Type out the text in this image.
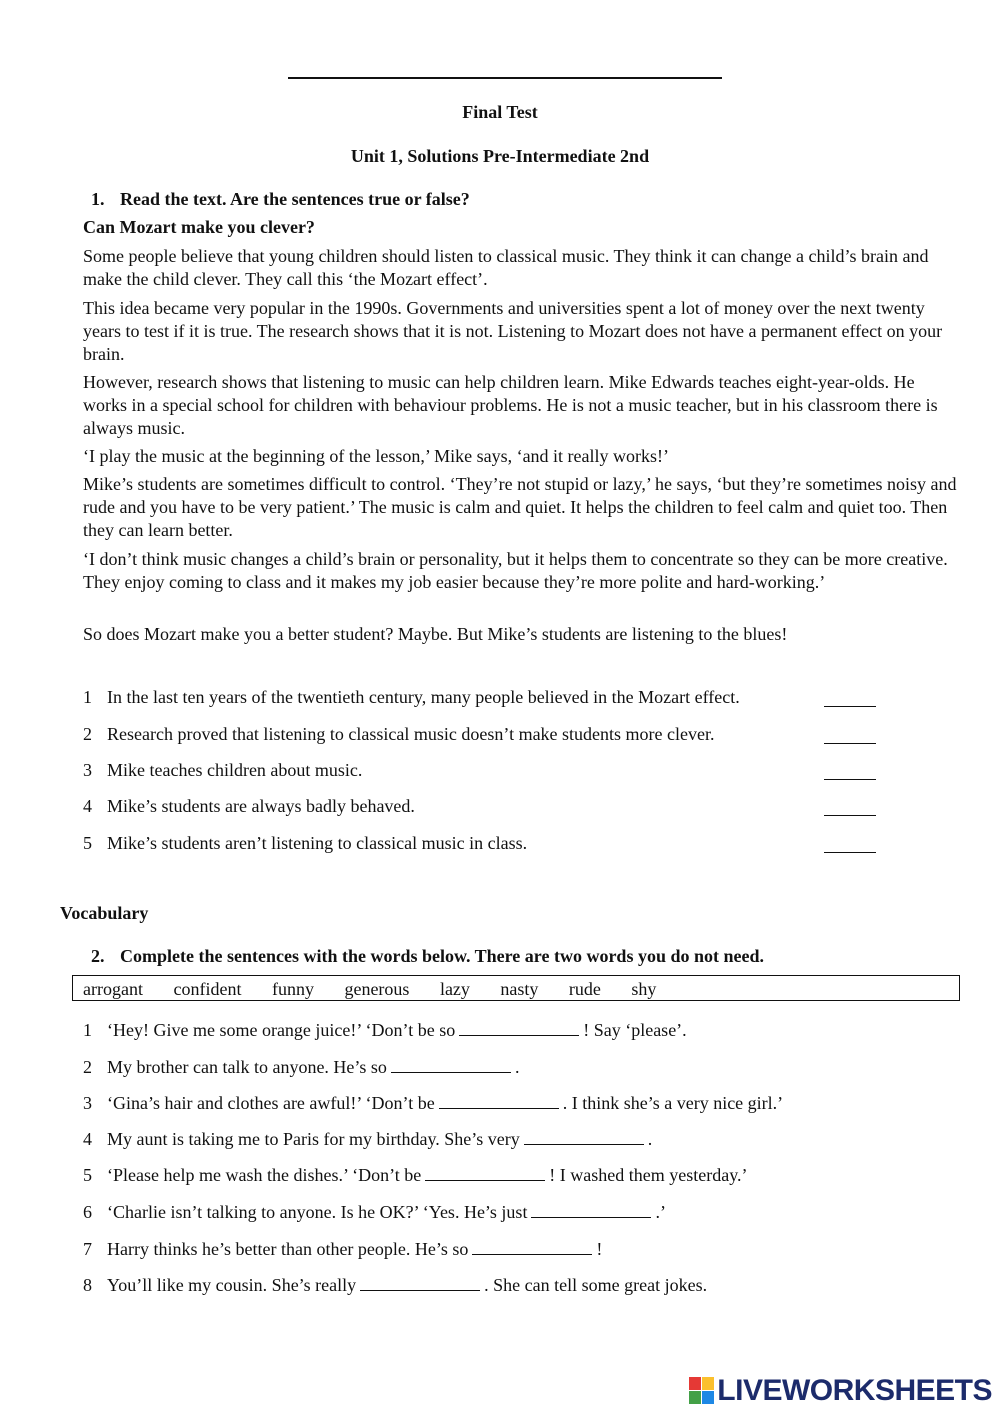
Final Test
Unit 1, Solutions Pre-Intermediate 2nd
1. Read the text. Are the sentences true or false?
Can Mozart make you clever?
Some people believe that young children should listen to classical music. They think it can change a child’s brain and make the child clever. They call this ‘the Mozart effect’.
This idea became very popular in the 1990s. Governments and universities spent a lot of money over the next twenty years to test if it is true. The research shows that it is not. Listening to Mozart does not have a permanent effect on your brain.
However, research shows that listening to music can help children learn. Mike Edwards teaches eight-year-olds. He works in a special school for children with behaviour problems. He is not a music teacher, but in his classroom there is always music.
‘I play the music at the beginning of the lesson,’ Mike says, ‘and it really works!’
Mike’s students are sometimes difficult to control. ‘They’re not stupid or lazy,’ he says, ‘but they’re sometimes noisy and rude and you have to be very patient.’ The music is calm and quiet. It helps the children to feel calm and quiet too. Then they can learn better.
‘I don’t think music changes a child’s brain or personality, but it helps them to concentrate so they can be more creative. They enjoy coming to class and it makes my job easier because they’re more polite and hard-working.’
So does Mozart make you a better student? Maybe. But Mike’s students are listening to the blues!
1 In the last ten years of the twentieth century, many people believed in the Mozart effect.
2 Research proved that listening to classical music doesn’t make students more clever.
3 Mike teaches children about music.
4 Mike’s students are always badly behaved.
5 Mike’s students aren’t listening to classical music in class.
Vocabulary
2. Complete the sentences with the words below. There are two words you do not need.
arrogant confident funny generous lazy nasty rude shy
1 ‘Hey! Give me some orange juice!’ ‘Don’t be so	! Say ‘please’.
2 My brother can talk to anyone. He’s so	.
3 ‘Gina’s hair and clothes are awful!’ ‘Don’t be	. I think she’s a very nice girl.’
4 My aunt is taking me to Paris for my birthday. She’s very	.
5 ‘Please help me wash the dishes.’ ‘Don’t be	! I washed them yesterday.’
6 ‘Charlie isn’t talking to anyone. Is he OK?’ ‘Yes. He’s just	.’
7 Harry thinks he’s better than other people. He’s so	!
8 You’ll like my cousin. She’s really	. She can tell some great jokes.
LIVEWORKSHEETS
